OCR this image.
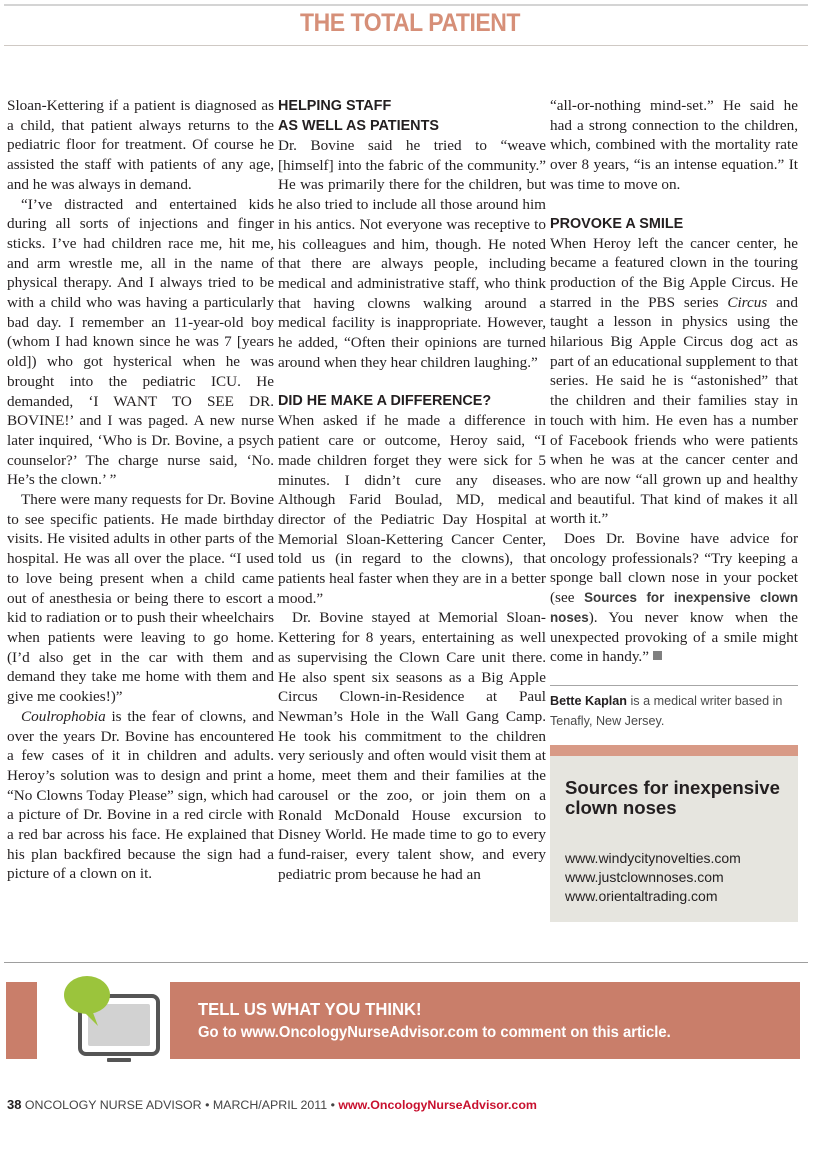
THE TOTAL PATIENT

Sloan-Kettering if a patient is diagnosed as a child, that patient always returns to the pediatric floor for treatment. Of course he assisted the staff with patients of any age, and he was always in demand.

“I’ve distracted and entertained kids during all sorts of injections and finger sticks. I’ve had children race me, hit me, and arm wrestle me, all in the name of physical therapy. And I always tried to be with a child who was having a particularly bad day. I remember an 11-year-old boy (whom I had known since he was 7 [years old]) who got hysterical when he was brought into the pediatric ICU. He demanded, ‘I WANT TO SEE DR. BOVINE!’ and I was paged. A new nurse later inquired, ‘Who is Dr. Bovine, a psych counselor?’ The charge nurse said, ‘No. He’s the clown.’ ”

There were many requests for Dr. Bovine to see specific patients. He made birthday visits. He visited adults in other parts of the hospital. He was all over the place. “I used to love being present when a child came out of anesthesia or being there to escort a kid to radiation or to push their wheelchairs when patients were leaving to go home. (I’d also get in the car with them and demand they take me home with them and give me cookies!)”

Coulrophobia is the fear of clowns, and over the years Dr. Bovine has encountered a few cases of it in children and adults. Heroy’s solution was to design and print a “No Clowns Today Please” sign, which had a picture of Dr. Bovine in a red circle with a red bar across his face. He explained that his plan backfired because the sign had a picture of a clown on it.

HELPING STAFF
AS WELL AS PATIENTS

Dr. Bovine said he tried to “weave [himself] into the fabric of the community.” He was primarily there for the children, but he also tried to include all those around him in his antics. Not everyone was receptive to his colleagues and him, though. He noted that there are always people, including medical and administrative staff, who think that having clowns walking around a medical facility is inappropriate. However, he added, “Often their opinions are turned around when they hear children laughing.”

DID HE MAKE A DIFFERENCE?

When asked if he made a difference in patient care or outcome, Heroy said, “I made children forget they were sick for 5 minutes. I didn’t cure any diseases. Although Farid Boulad, MD, medical director of the Pediatric Day Hospital at Memorial Sloan-Kettering Cancer Center, told us (in regard to the clowns), that patients heal faster when they are in a better mood.”

Dr. Bovine stayed at Memorial Sloan-Kettering for 8 years, entertaining as well as supervising the Clown Care unit there. He also spent six seasons as a Big Apple Circus Clown-in-Residence at Paul Newman’s Hole in the Wall Gang Camp. He took his commitment to the children very seriously and often would visit them at home, meet them and their families at the carousel or the zoo, or join them on a Ronald McDonald House excursion to Disney World. He made time to go to every fund-raiser, every talent show, and every pediatric prom because he had an

“all-or-nothing mind-set.” He said he had a strong connection to the children, which, combined with the mortality rate over 8 years, “is an intense equation.” It was time to move on.

PROVOKE A SMILE

When Heroy left the cancer center, he became a featured clown in the touring production of the Big Apple Circus. He starred in the PBS series Circus and taught a lesson in physics using the hilarious Big Apple Circus dog act as part of an educational supplement to that series. He said he is “astonished” that the children and their families stay in touch with him. He even has a number of Facebook friends who were patients when he was at the cancer center and who are now “all grown up and healthy and beautiful. That kind of makes it all worth it.”

Does Dr. Bovine have advice for oncology professionals? “Try keeping a sponge ball clown nose in your pocket (see Sources for inexpensive clown noses). You never know when the unexpected provoking of a smile might come in handy.”

Bette Kaplan is a medical writer based in Tenafly, New Jersey.
Sources for inexpensive clown noses
www.windycitynovelties.com
www.justclownnoses.com
www.orientaltrading.com
TELL US WHAT YOU THINK!
Go to www.OncologyNurseAdvisor.com to comment on this article.
38 ONCOLOGY NURSE ADVISOR • MARCH/APRIL 2011 • www.OncologyNurseAdvisor.com
